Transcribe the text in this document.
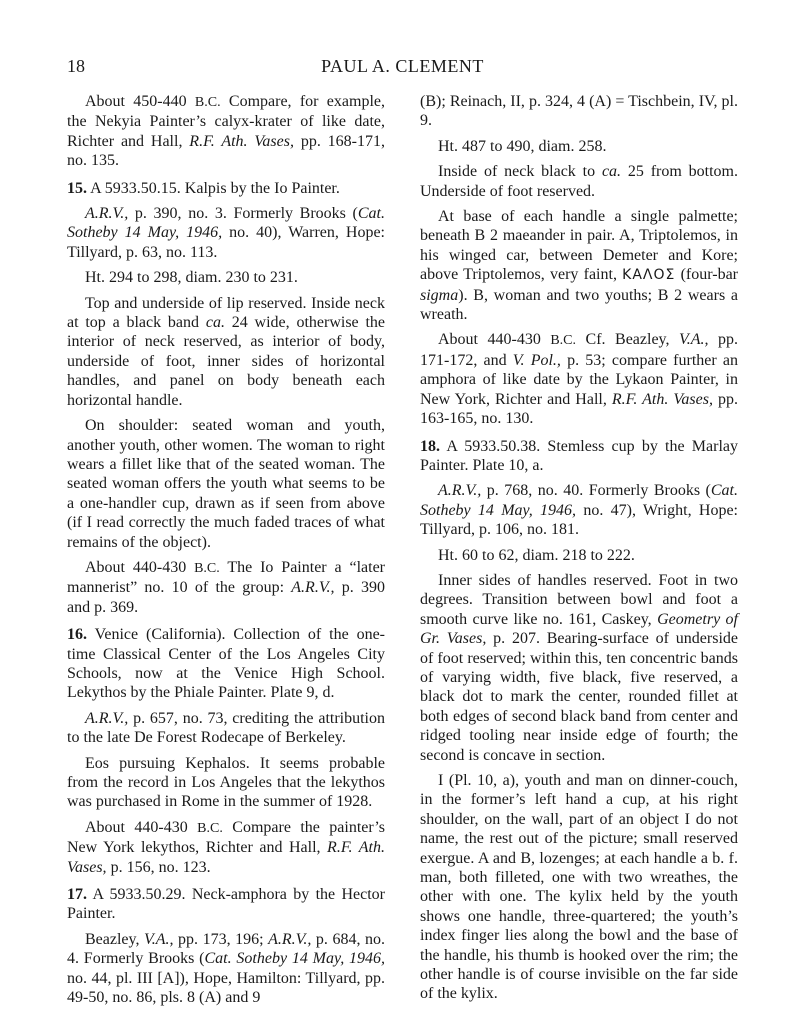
18	PAUL A. CLEMENT

About 450-440 B.C. Compare, for example, the Nekyia Painter’s calyx-krater of like date, Richter and Hall, R.F. Ath. Vases, pp. 168-171, no. 135.

15. A 5933.50.15. Kalpis by the Io Painter.

A.R.V., p. 390, no. 3. Formerly Brooks (Cat. Sotheby 14 May, 1946, no. 40), Warren, Hope: Tillyard, p. 63, no. 113.

Ht. 294 to 298, diam. 230 to 231.

Top and underside of lip reserved. Inside neck at top a black band ca. 24 wide, otherwise the interior of neck reserved, as interior of body, underside of foot, inner sides of horizontal handles, and panel on body beneath each horizontal handle.

On shoulder: seated woman and youth, another youth, other women. The woman to right wears a fillet like that of the seated woman. The seated woman offers the youth what seems to be a one-handler cup, drawn as if seen from above (if I read correctly the much faded traces of what remains of the object).

About 440-430 B.C. The Io Painter a “later mannerist” no. 10 of the group: A.R.V., p. 390 and p. 369.

16. Venice (California). Collection of the one-time Classical Center of the Los Angeles City Schools, now at the Venice High School. Lekythos by the Phiale Painter. Plate 9, d.

A.R.V., p. 657, no. 73, crediting the attribution to the late De Forest Rodecape of Berkeley.

Eos pursuing Kephalos. It seems probable from the record in Los Angeles that the lekythos was purchased in Rome in the summer of 1928.

About 440-430 B.C. Compare the painter’s New York lekythos, Richter and Hall, R.F. Ath. Vases, p. 156, no. 123.

17. A 5933.50.29. Neck-amphora by the Hector Painter.

Beazley, V.A., pp. 173, 196; A.R.V., p. 684, no. 4. Formerly Brooks (Cat. Sotheby 14 May, 1946, no. 44, pl. III [A]), Hope, Hamilton: Tillyard, pp. 49-50, no. 86, pls. 8 (A) and 9

(B); Reinach, II, p. 324, 4 (A) = Tischbein, IV, pl. 9.

Ht. 487 to 490, diam. 258.

Inside of neck black to ca. 25 from bottom. Underside of foot reserved.

At base of each handle a single palmette; beneath B 2 maeander in pair. A, Triptolemos, in his winged car, between Demeter and Kore; above Triptolemos, very faint, ΚΑΛΟΣ (four-bar sigma). B, woman and two youths; B 2 wears a wreath.

About 440-430 B.C. Cf. Beazley, V.A., pp. 171-172, and V. Pol., p. 53; compare further an amphora of like date by the Lykaon Painter, in New York, Richter and Hall, R.F. Ath. Vases, pp. 163-165, no. 130.

18. A 5933.50.38. Stemless cup by the Marlay Painter. Plate 10, a.

A.R.V., p. 768, no. 40. Formerly Brooks (Cat. Sotheby 14 May, 1946, no. 47), Wright, Hope: Tillyard, p. 106, no. 181.

Ht. 60 to 62, diam. 218 to 222.

Inner sides of handles reserved. Foot in two degrees. Transition between bowl and foot a smooth curve like no. 161, Caskey, Geometry of Gr. Vases, p. 207. Bearing-surface of underside of foot reserved; within this, ten concentric bands of varying width, five black, five reserved, a black dot to mark the center, rounded fillet at both edges of second black band from center and ridged tooling near inside edge of fourth; the second is concave in section.

I (Pl. 10, a), youth and man on dinner-couch, in the former’s left hand a cup, at his right shoulder, on the wall, part of an object I do not name, the rest out of the picture; small reserved exergue. A and B, lozenges; at each handle a b. f. man, both filleted, one with two wreathes, the other with one. The kylix held by the youth shows one handle, three-quartered; the youth’s index finger lies along the bowl and the base of the handle, his thumb is hooked over the rim; the other handle is of course invisible on the far side of the kylix.
